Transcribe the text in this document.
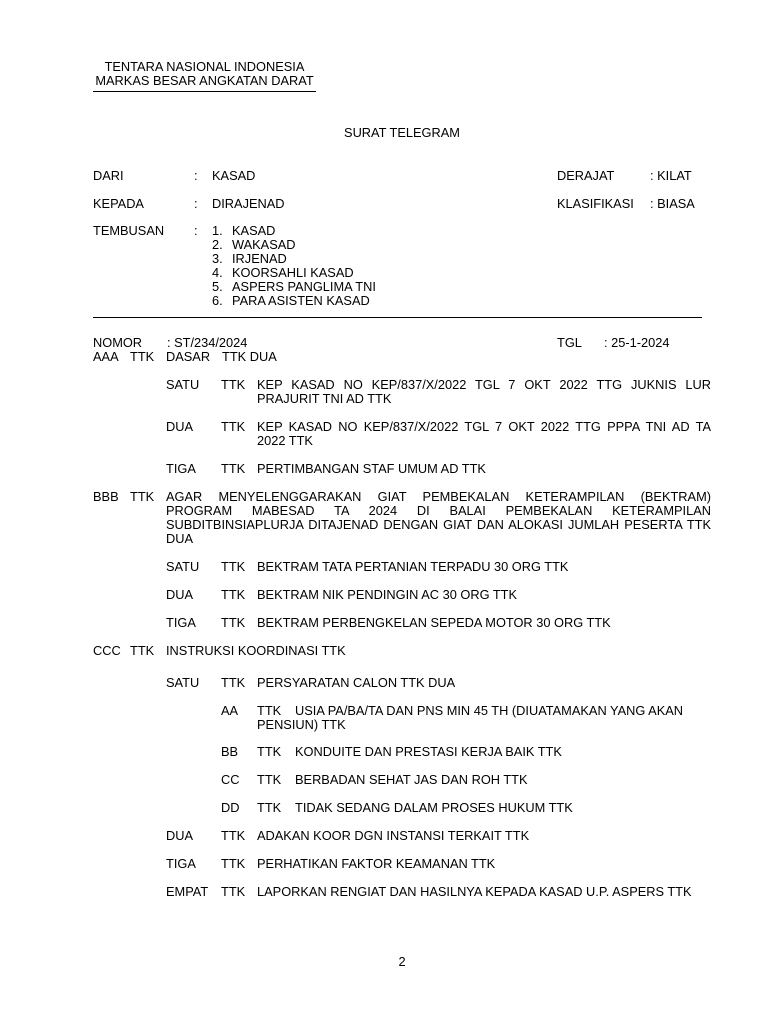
TENTARA NASIONAL INDONESIA
MARKAS BESAR ANGKATAN DARAT
SURAT TELEGRAM
DARI	: KASAD	DERAJAT	: KILAT
KEPADA	: DIRAJENAD	KLASIFIKASI : BIASA
TEMBUSAN : 1. KASAD
2. WAKASAD
3. IRJENAD
4. KOORSAHLI KASAD
5. ASPERS PANGLIMA TNI
6. PARA ASISTEN KASAD
NOMOR : ST/234/2024	TGL : 25-1-2024
AAA TTK DASAR TTK DUA
SATU TTK KEP KASAD NO KEP/837/X/2022 TGL 7 OKT 2022 TTG JUKNIS LUR
PRAJURIT TNI AD TTK
DUA TTK KEP KASAD NO KEP/837/X/2022 TGL 7 OKT 2022 TTG PPPA TNI AD TA
2022 TTK
TIGA TTK PERTIMBANGAN STAF UMUM AD TTK
BBB TTK AGAR MENYELENGGARAKAN GIAT PEMBEKALAN KETERAMPILAN (BEKTRAM)
PROGRAM MABESAD TA 2024 DI BALAI PEMBEKALAN KETERAMPILAN
SUBDITBINSIAPLURJA DITAJENAD DENGAN GIAT DAN ALOKASI JUMLAH PESERTA TTK
DUA
SATU TTK BEKTRAM TATA PERTANIAN TERPADU 30 ORG TTK
DUA TTK BEKTRAM NIK PENDINGIN AC 30 ORG TTK
TIGA TTK BEKTRAM PERBENGKELAN SEPEDA MOTOR 30 ORG TTK
CCC TTK INSTRUKSI KOORDINASI TTK
SATU TTK PERSYARATAN CALON TTK DUA
AA TTK USIA PA/BA/TA DAN PNS MIN 45 TH (DIUATAMAKAN YANG AKAN
PENSIUN) TTK
BB TTK KONDUITE DAN PRESTASI KERJA BAIK TTK
CC TTK BERBADAN SEHAT JAS DAN ROH TTK
DD TTK TIDAK SEDANG DALAM PROSES HUKUM TTK
DUA TTK ADAKAN KOOR DGN INSTANSI TERKAIT TTK
TIGA TTK PERHATIKAN FAKTOR KEAMANAN TTK
EMPAT TTK LAPORKAN RENGIAT DAN HASILNYA KEPADA KASAD U.P. ASPERS TTK
2
